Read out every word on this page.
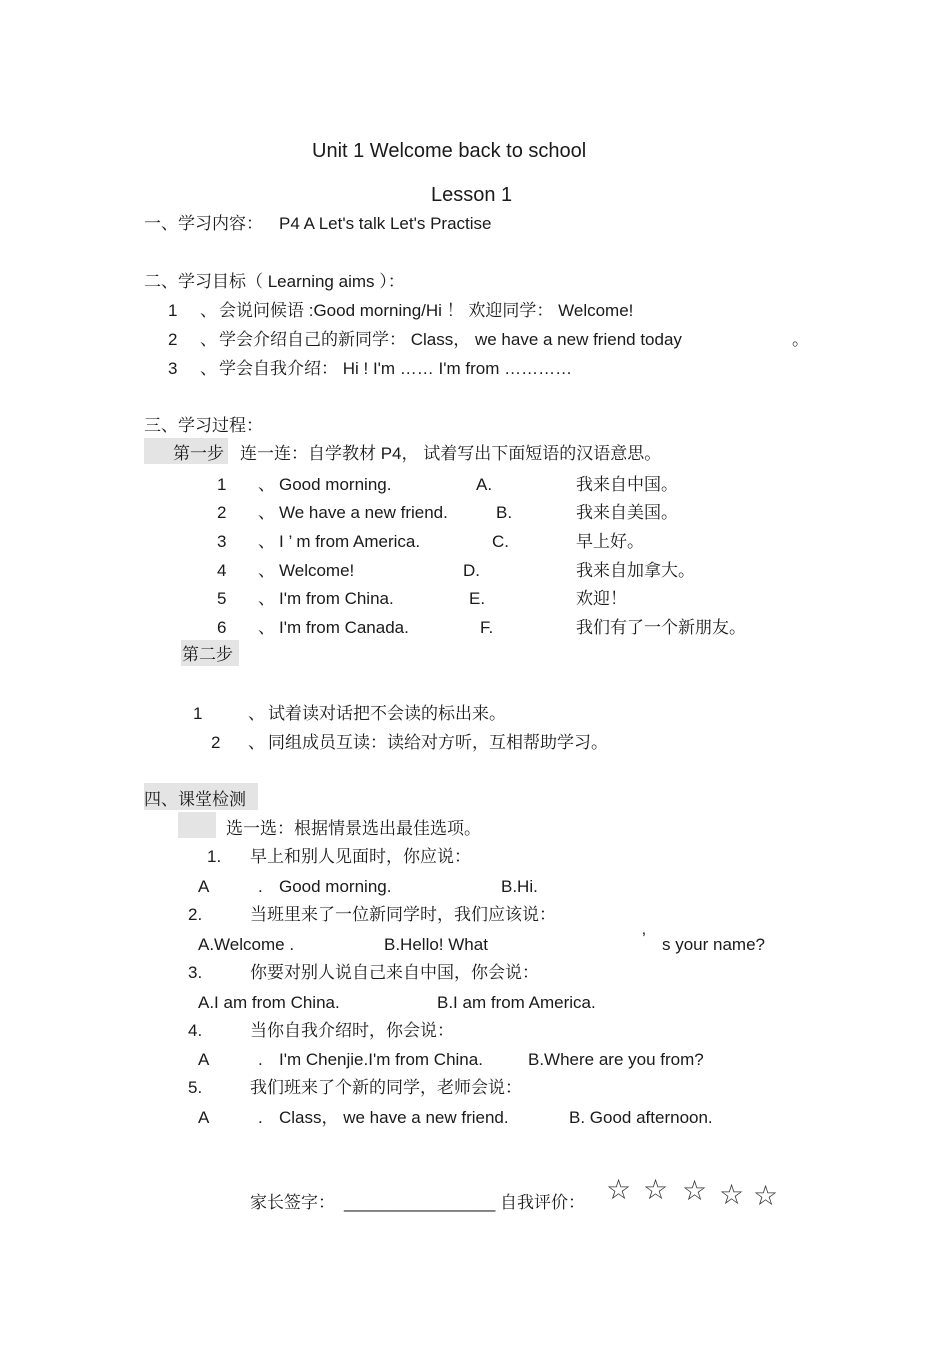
Unit 1 Welcome back to school
Lesson 1
一、学习内容： P4 A Let's talk Let's Practise
二、学习目标（ Learning aims ）：
1 、 会说问候语 :Good morning/Hi ！ 欢迎同学： Welcome!
2 、 学会介绍自己的新同学： Class， we have a new friend today	。
3 、 学会自我介绍： Hi ! I'm …… I'm from …………
三、学习过程：
第一步 连一连：自学教材 P4， 试着写出下面短语的汉语意思。
1 、 Good morning.	A.	我来自中国。
2 、 We have a new friend.	B.	我来自美国。
3 、 I ’ m from America.	C.	早上好。
4 、 Welcome!	D.	我来自加拿大。
5 、 I'm from China.	E.	欢迎！
6 、 I'm from Canada.	F.	我们有了一个新朋友。
第二步
1	、 试着读对话把不会读的标出来。
2 、 同组成员互读：读给对方听，互相帮助学习。
四、课堂检测
选一选：根据情景选出最佳选项。
1. 早上和别人见面时，你应说：
A	. Good morning.	B.Hi.
2.	当班里来了一位新同学时，我们应该说：
A.Welcome .	B.Hello! What	’ s your name?
3.	你要对别人说自己来自中国，你会说：
A.I am from China.	B.I am from America.
4.	当你自我介绍时，你会说：
A	. I'm Chenjie.I'm from China.	B.Where are you from?
5.	我们班来了个新的同学，老师会说：
A	. Class， we have a new friend.	B. Good afternoon.
家长签字： ________________ 自我评价： ☆ ☆ ☆ ☆ ☆
